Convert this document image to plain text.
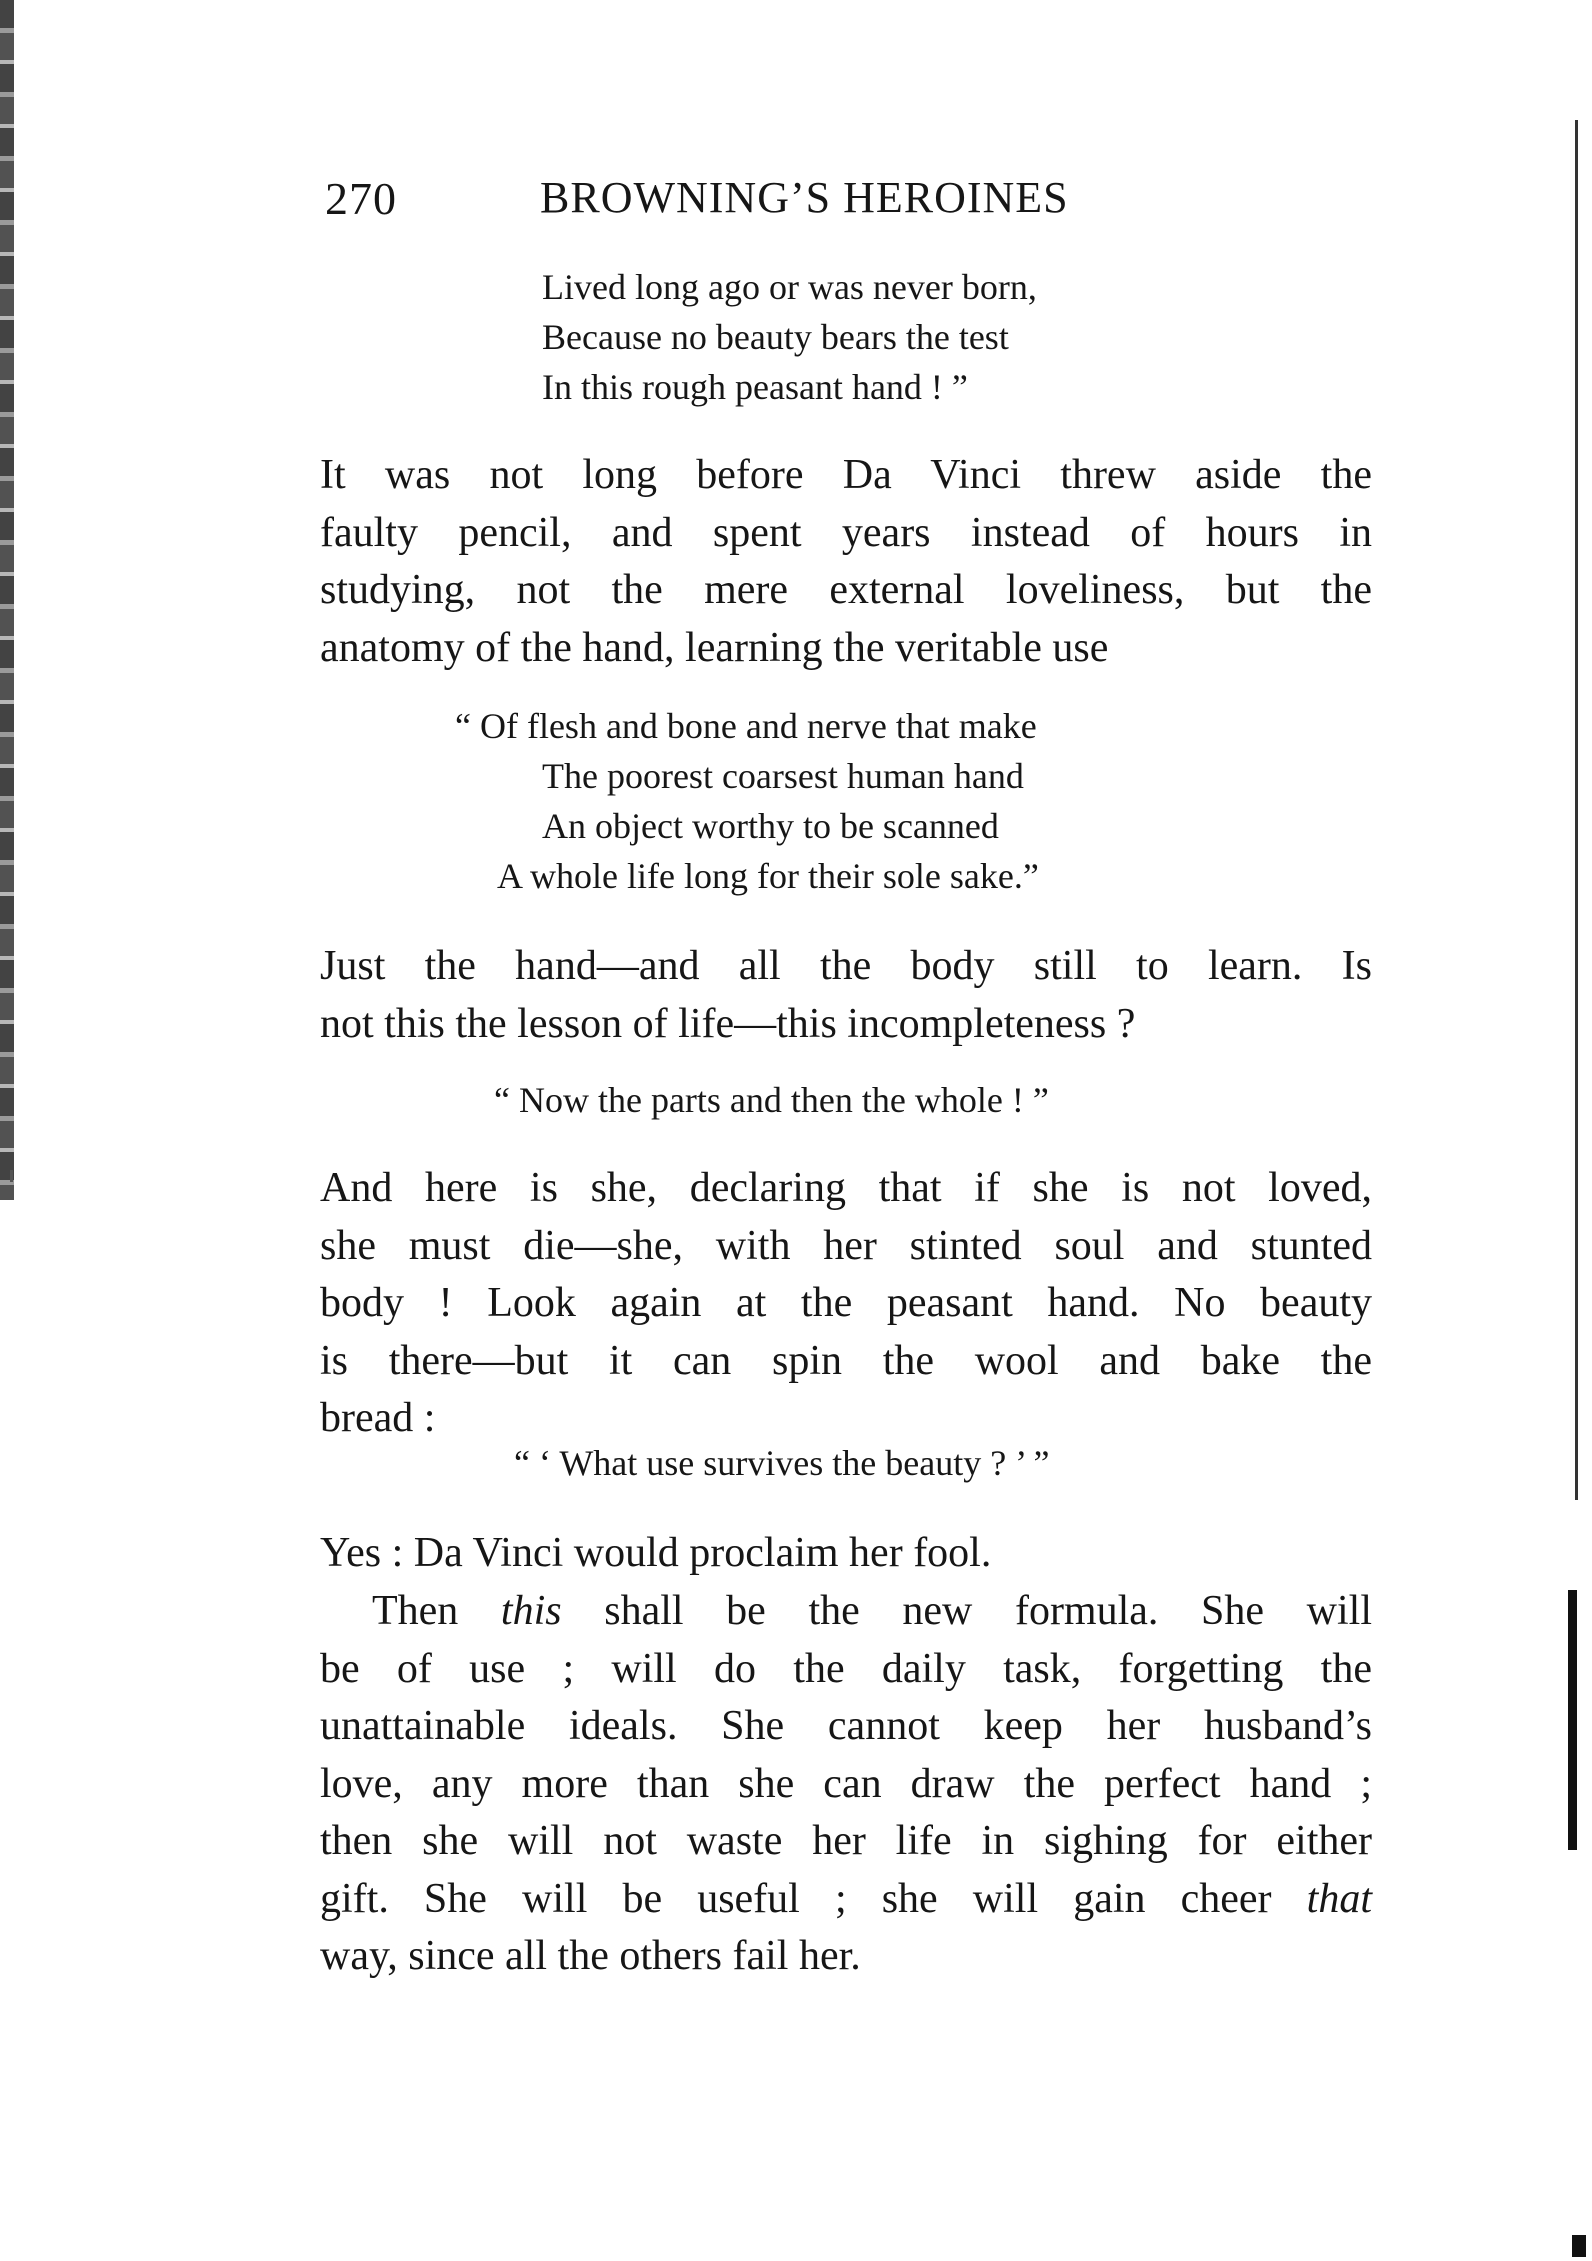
270	BROWNING’S HEROINES
Lived long ago or was never born,
Because no beauty bears the test
In this rough peasant hand ! ”
It was not long before Da Vinci threw aside the
faulty pencil, and spent years instead of hours in
studying, not the mere external loveliness, but the
anatomy of the hand, learning the veritable use
“ Of flesh and bone and nerve that make
The poorest coarsest human hand
An object worthy to be scanned
A whole life long for their sole sake.”
Just the hand—and all the body still to learn. Is
not this the lesson of life—this incompleteness ?
“ Now the parts and then the whole ! ”
And here is she, declaring that if she is not loved,
she must die—she, with her stinted soul and stunted
body ! Look again at the peasant hand. No beauty
is there—but it can spin the wool and bake the
bread :
“ ‘ What use survives the beauty ? ’ ”
Yes : Da Vinci would proclaim her fool.
Then this shall be the new formula. She will
be of use ; will do the daily task, forgetting the
unattainable ideals. She cannot keep her husband’s
love, any more than she can draw the perfect hand ;
then she will not waste her life in sighing for either
gift. She will be useful ; she will gain cheer that
way, since all the others fail her.
